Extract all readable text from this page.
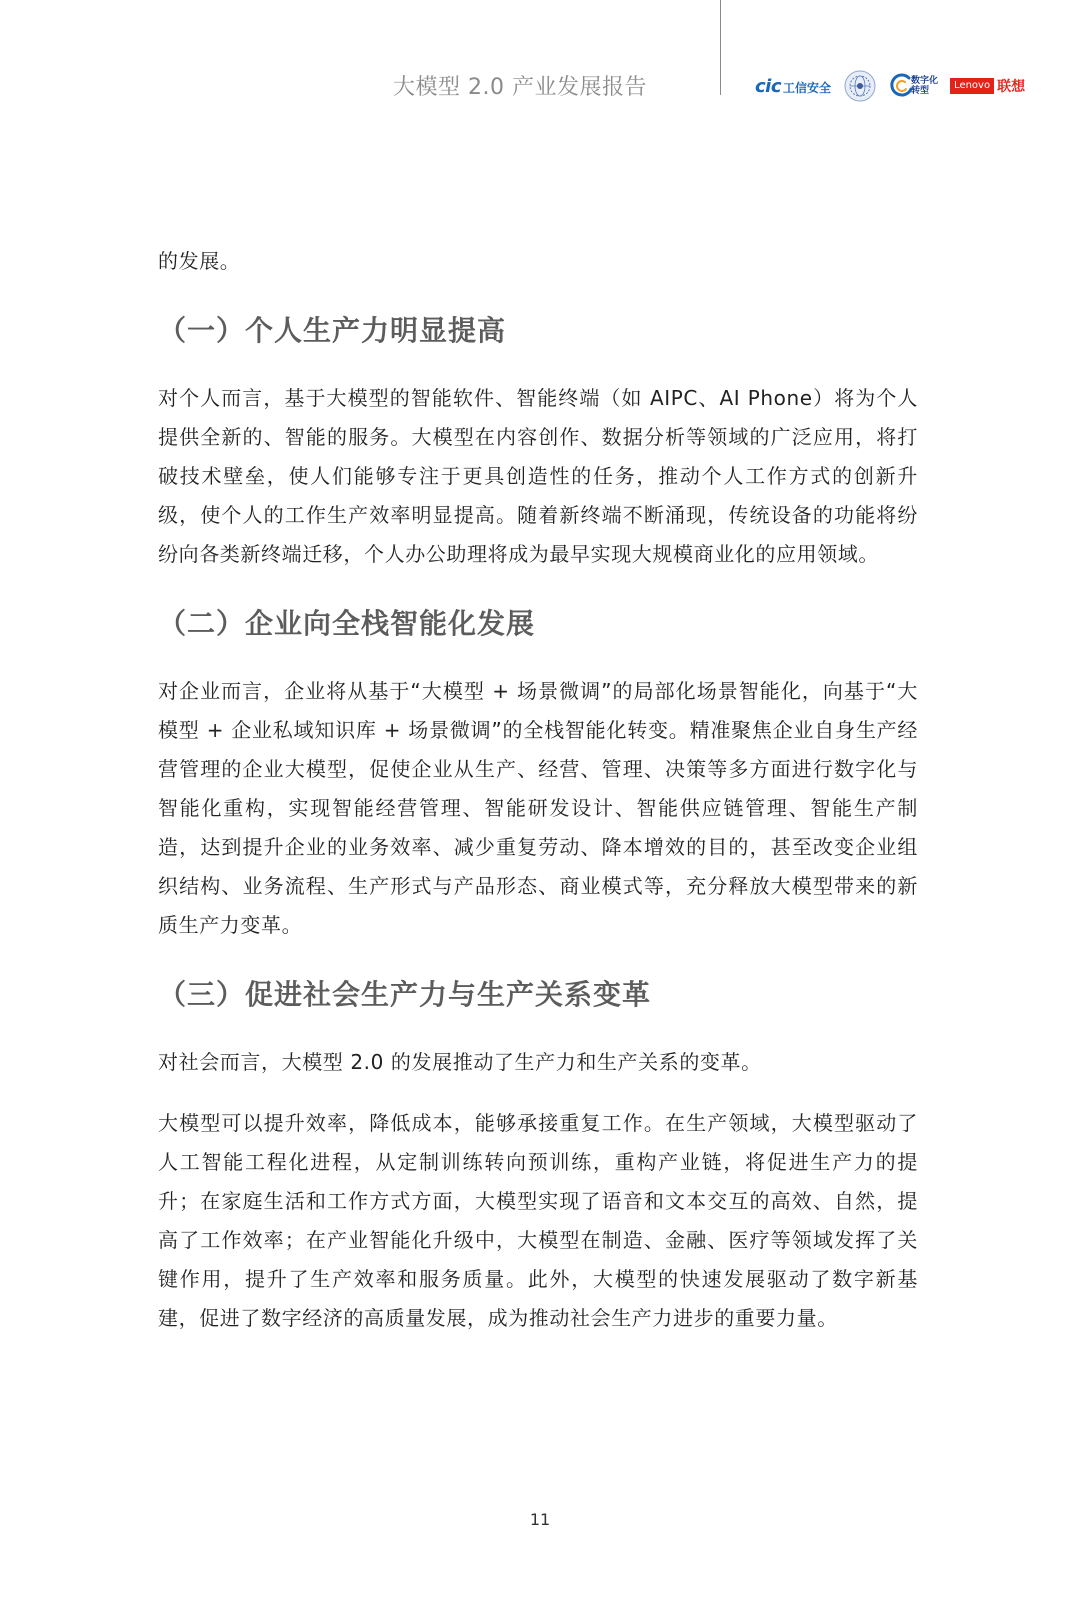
大模型 2.0 产业发展报告	cic 工信安全	数字化
转型	Lenovo 联想

的发展。

（一）个人生产力明显提高

对个人而言，基于大模型的智能软件、智能终端（如 AIPC、AI Phone）将为个人提供全新的、智能的服务。大模型在内容创作、数据分析等领域的广泛应用，将打破技术壁垒，使人们能够专注于更具创造性的任务，推动个人工作方式的创新升级，使个人的工作生产效率明显提高。随着新终端不断涌现，传统设备的功能将纷纷向各类新终端迁移，个人办公助理将成为最早实现大规模商业化的应用领域。

（二）企业向全栈智能化发展

对企业而言，企业将从基于“大模型 + 场景微调”的局部化场景智能化，向基于“大模型 + 企业私域知识库 + 场景微调”的全栈智能化转变。精准聚焦企业自身生产经营管理的企业大模型，促使企业从生产、经营、管理、决策等多方面进行数字化与智能化重构，实现智能经营管理、智能研发设计、智能供应链管理、智能生产制造，达到提升企业的业务效率、减少重复劳动、降本增效的目的，甚至改变企业组织结构、业务流程、生产形式与产品形态、商业模式等，充分释放大模型带来的新质生产力变革。

（三）促进社会生产力与生产关系变革

对社会而言，大模型 2.0 的发展推动了生产力和生产关系的变革。

大模型可以提升效率，降低成本，能够承接重复工作。在生产领域，大模型驱动了人工智能工程化进程，从定制训练转向预训练，重构产业链，将促进生产力的提升；在家庭生活和工作方式方面，大模型实现了语音和文本交互的高效、自然，提高了工作效率；在产业智能化升级中，大模型在制造、金融、医疗等领域发挥了关键作用，提升了生产效率和服务质量。此外，大模型的快速发展驱动了数字新基建，促进了数字经济的高质量发展，成为推动社会生产力进步的重要力量。

11
